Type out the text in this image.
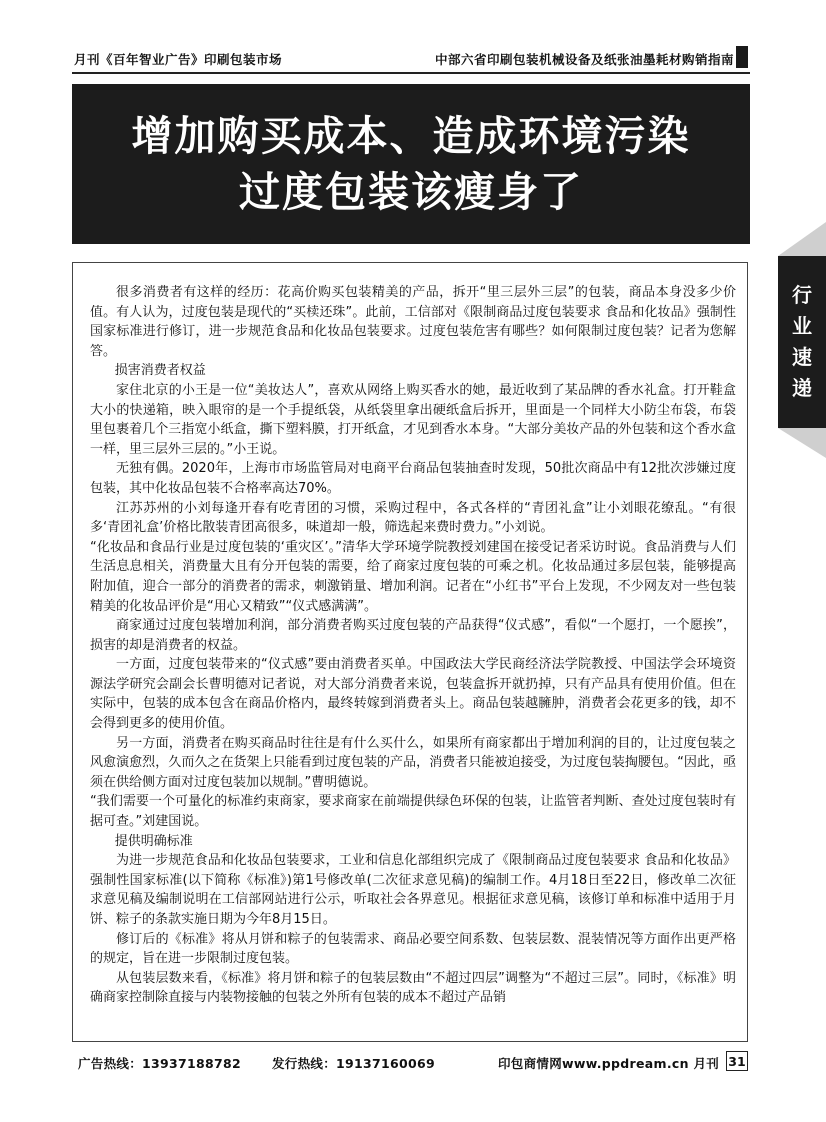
月刊《百年智业广告》印刷包装市场	中部六省印刷包装机械设备及纸张油墨耗材购销指南
增加购买成本、造成环境污染
过度包装该瘦身了
行
业
速
递

很多消费者有这样的经历：花高价购买包装精美的产品，拆开“里三层外三层”的包装，商品本身没多少价值。有人认为，过度包装是现代的“买椟还珠”。此前，工信部对《限制商品过度包装要求 食品和化妆品》强制性国家标准进行修订，进一步规范食品和化妆品包装要求。过度包装危害有哪些？如何限制过度包装？记者为您解答。

损害消费者权益

家住北京的小王是一位“美妆达人”，喜欢从网络上购买香水的她，最近收到了某品牌的香水礼盒。打开鞋盒大小的快递箱，映入眼帘的是一个手提纸袋，从纸袋里拿出硬纸盒后拆开，里面是一个同样大小防尘布袋，布袋里包裹着几个三指宽小纸盒，撕下塑料膜，打开纸盒，才见到香水本身。“大部分美妆产品的外包装和这个香水盒一样，里三层外三层的。”小王说。

无独有偶。2020年，上海市市场监管局对电商平台商品包装抽查时发现，50批次商品中有12批次涉嫌过度包装，其中化妆品包装不合格率高达70%。

江苏苏州的小刘每逢开春有吃青团的习惯，采购过程中，各式各样的“青团礼盒”让小刘眼花缭乱。“有很多‘青团礼盒’价格比散装青团高很多，味道却一般，筛选起来费时费力。”小刘说。

“化妆品和食品行业是过度包装的‘重灾区’。”清华大学环境学院教授刘建国在接受记者采访时说。食品消费与人们生活息息相关，消费量大且有分开包装的需要，给了商家过度包装的可乘之机。化妆品通过多层包装，能够提高附加值，迎合一部分的消费者的需求，刺激销量、增加利润。记者在“小红书”平台上发现，不少网友对一些包装精美的化妆品评价是“用心又精致”“仪式感满满”。

商家通过过度包装增加利润，部分消费者购买过度包装的产品获得“仪式感”，看似“一个愿打，一个愿挨”，损害的却是消费者的权益。

一方面，过度包装带来的“仪式感”要由消费者买单。中国政法大学民商经济法学院教授、中国法学会环境资源法学研究会副会长曹明德对记者说，对大部分消费者来说，包装盒拆开就扔掉，只有产品具有使用价值。但在实际中，包装的成本包含在商品价格内，最终转嫁到消费者头上。商品包装越臃肿，消费者会花更多的钱，却不会得到更多的使用价值。

另一方面，消费者在购买商品时往往是有什么买什么，如果所有商家都出于增加利润的目的，让过度包装之风愈演愈烈，久而久之在货架上只能看到过度包装的产品，消费者只能被迫接受，为过度包装掏腰包。“因此，亟须在供给侧方面对过度包装加以规制。”曹明德说。

“我们需要一个可量化的标准约束商家，要求商家在前端提供绿色环保的包装，让监管者判断、查处过度包装时有据可查。”刘建国说。

提供明确标准

为进一步规范食品和化妆品包装要求，工业和信息化部组织完成了《限制商品过度包装要求 食品和化妆品》强制性国家标准(以下简称《标准》)第1号修改单(二次征求意见稿)的编制工作。4月18日至22日，修改单二次征求意见稿及编制说明在工信部网站进行公示，听取社会各界意见。根据征求意见稿，该修订单和标准中适用于月饼、粽子的条款实施日期为今年8月15日。

修订后的《标准》将从月饼和粽子的包装需求、商品必要空间系数、包装层数、混装情况等方面作出更严格的规定，旨在进一步限制过度包装。

从包装层数来看，《标准》将月饼和粽子的包装层数由“不超过四层”调整为“不超过三层”。同时，《标准》明确商家控制除直接与内装物接触的包装之外所有包装的成本不超过产品销

广告热线：13937188782 发行热线：19137160069	印包商情网www.ppdream.cn 月刊 31
